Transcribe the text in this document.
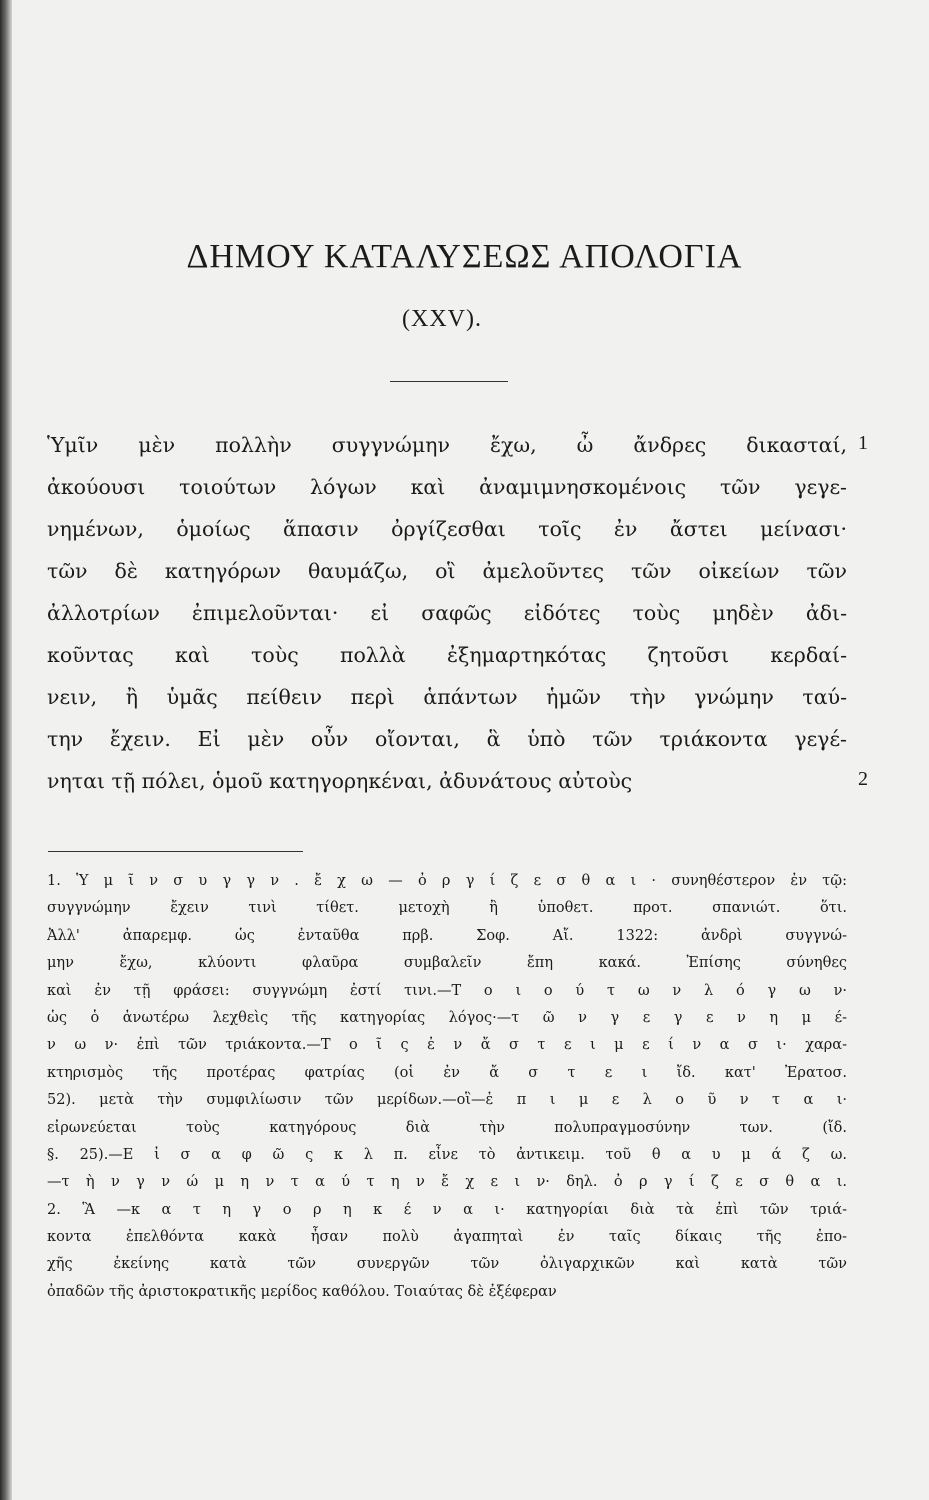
ΔΗΜΟΥ ΚΑΤΑΛΥΣΕΩΣ ΑΠΟΛΟΓΙΑ
(XXV).
Ὑμῖν μὲν πολλὴν συγγνώμην ἔχω, ὦ ἄνδρες δικασταί,
ἀκούουσι τοιούτων λόγων καὶ ἀναμιμνησκομένοις τῶν γεγε-
νημένων, ὁμοίως ἅπασιν ὀργίζεσθαι τοῖς ἐν ἄστει μείνασι·
τῶν δὲ κατηγόρων θαυμάζω, οἳ ἀμελοῦντες τῶν οἰκείων τῶν
ἀλλοτρίων ἐπιμελοῦνται· εἰ σαφῶς εἰδότες τοὺς μηδὲν ἀδι-
κοῦντας καὶ τοὺς πολλὰ ἐξημαρτηκότας ζητοῦσι κερδαί-
νειν, ἢ ὑμᾶς πείθειν περὶ ἁπάντων ἡμῶν τὴν γνώμην ταύ-
την ἔχειν. Εἰ μὲν οὖν οἴονται, ἃ ὑπὸ τῶν τριάκοντα γεγέ-
νηται τῇ πόλει, ὁμοῦ κατηγορηκέναι, ἀδυνάτους αὐτοὺς
1
2
1. Ὑ μ ῖ ν σ υ γ γ ν . ἔ χ ω — ὀ ρ γ ί ζ ε σ θ α ι · συνηθέστερον ἐν τῷ:
συγγνώμην ἔχειν τινὶ τίθετ. μετοχὴ ἢ ὑποθετ. προτ. σπανιώτ. ὅτι.
Ἀλλ' ἀπαρεμφ. ὡς ἐνταῦθα πρβ. Σοφ. Αἴ. 1322: ἀνδρὶ συγγνώ-
μην ἔχω, κλύοντι φλαῦρα συμβαλεῖν ἔπη κακά. Ἐπίσης σύνηθες
καὶ ἐν τῇ φράσει: συγγνώμη ἐστί τινι.—Τ ο ι ο ύ τ ω ν λ ό γ ω ν·
ὡς ὁ ἀνωτέρω λεχθεὶς τῆς κατηγορίας λόγος·—τ ῶ ν γ ε γ ε ν η μ έ-
ν ω ν· ἐπὶ τῶν τριάκοντα.—Τ ο ῖ ς ἐ ν ἄ σ τ ε ι μ ε ί ν α σ ι· χαρα-
κτηρισμὸς τῆς προτέρας φατρίας (οἱ ἐν ἄ σ τ ε ι ἴδ. κατ' Ἐρατοσ.
52). μετὰ τὴν συμφιλίωσιν τῶν μερίδων.—οἳ—ἐ π ι μ ε λ ο ῦ ν τ α ι·
εἰρωνεύεται τοὺς κατηγόρους διὰ τὴν πολυπραγμοσύνην των. (ἴδ.
§. 25).—Ε ἰ σ α φ ῶ ς κ λ π. εἶνε τὸ ἀντικειμ. τοῦ θ α υ μ ά ζ ω.
—τ ὴ ν γ ν ώ μ η ν τ α ύ τ η ν ἔ χ ε ι ν· δηλ. ὀ ρ γ ί ζ ε σ θ α ι.
2. Ἃ —κ α τ η γ ο ρ η κ έ ν α ι· κατηγορίαι διὰ τὰ ἐπὶ τῶν τριά-
κοντα ἐπελθόντα κακὰ ἦσαν πολὺ ἀγαπηταὶ ἐν ταῖς δίκαις τῆς ἐπο-
χῆς ἐκείνης κατὰ τῶν συνεργῶν τῶν ὀλιγαρχικῶν καὶ κατὰ τῶν
ὀπαδῶν τῆς ἀριστοκρατικῆς μερίδος καθόλου. Τοιαύτας δὲ ἐξέφεραν
